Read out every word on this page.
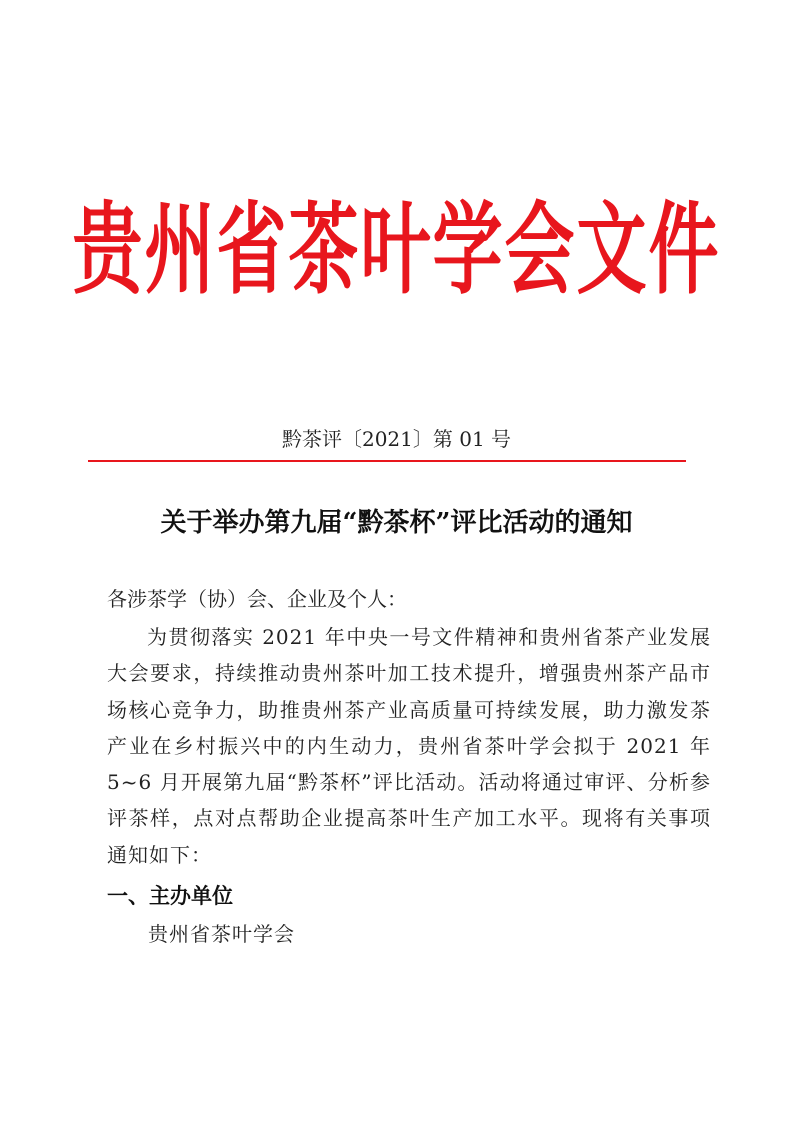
贵州省茶叶学会文件
黔茶评〔2021〕第 01 号
关于举办第九届“黔茶杯”评比活动的通知
各涉茶学（协）会、企业及个人：
为贯彻落实 2021 年中央一号文件精神和贵州省茶产业发展大会要求，持续推动贵州茶叶加工技术提升，增强贵州茶产品市场核心竞争力，助推贵州茶产业高质量可持续发展，助力激发茶产业在乡村振兴中的内生动力，贵州省茶叶学会拟于 2021 年 5~6 月开展第九届“黔茶杯”评比活动。活动将通过审评、分析参评茶样，点对点帮助企业提高茶叶生产加工水平。现将有关事项通知如下：
一、主办单位
贵州省茶叶学会
